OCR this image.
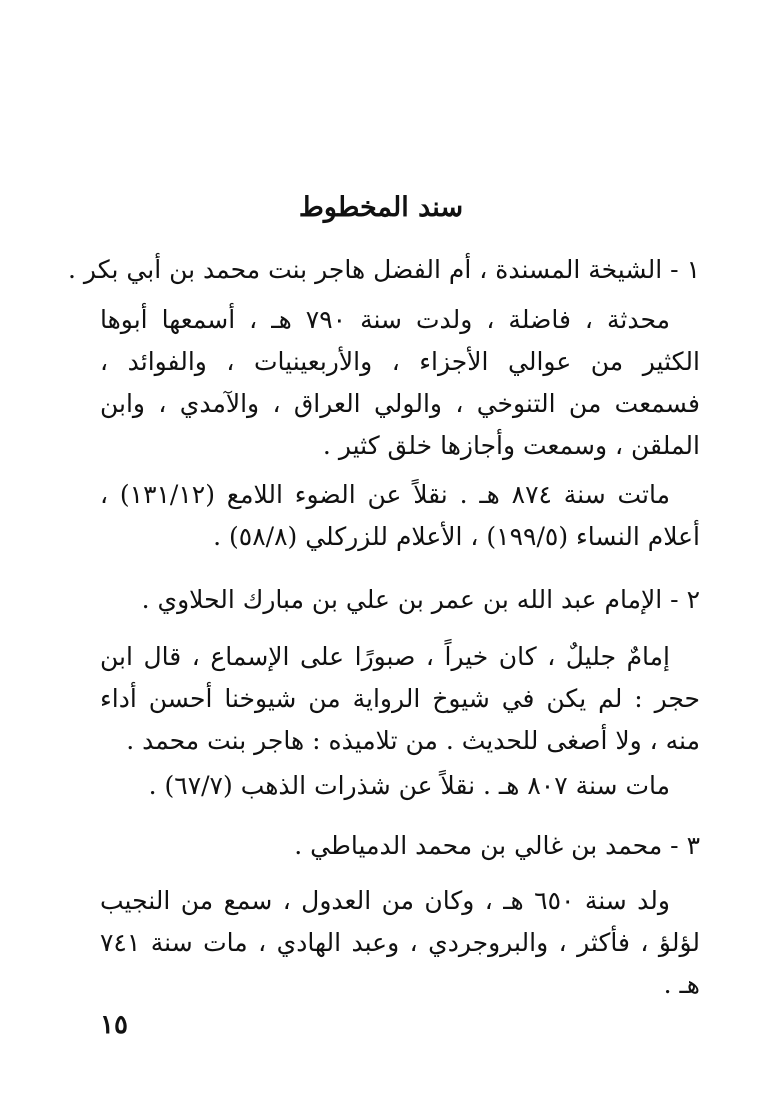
سند المخطوط

١ - الشيخة المسندة ، أم الفضل هاجر بنت محمد بن أبي بكر .

محدثة ، فاضلة ، ولدت سنة ٧٩٠ هـ ، أسمعها أبوها الكثير من عوالي الأجزاء ، والأربعينيات ، والفوائد ، فسمعت من التنوخي ، والولي العراق ، والآمدي ، وابن الملقن ، وسمعت وأجازها خلق كثير .

ماتت سنة ٨٧٤ هـ . نقلاً عن الضوء اللامع (١٣١/١٢) ، أعلام النساء (١٩٩/٥) ، الأعلام للزركلي (٥٨/٨) .

٢ - الإمام عبد الله بن عمر بن علي بن مبارك الحلاوي .

إمامٌ جليلٌ ، كان خيراً ، صبورًا على الإسماع ، قال ابن حجر : لم يكن في شيوخ الرواية من شيوخنا أحسن أداء منه ، ولا أصغى للحديث . من تلاميذه : هاجر بنت محمد .

مات سنة ٨٠٧ هـ . نقلاً عن شذرات الذهب (٦٧/٧) .

٣ - محمد بن غالي بن محمد الدمياطي .

ولد سنة ٦٥٠ هـ ، وكان من العدول ، سمع من النجيب لؤلؤ ، فأكثر ، والبروجردي ، وعبد الهادي ، مات سنة ٧٤١ هـ .

١٥
